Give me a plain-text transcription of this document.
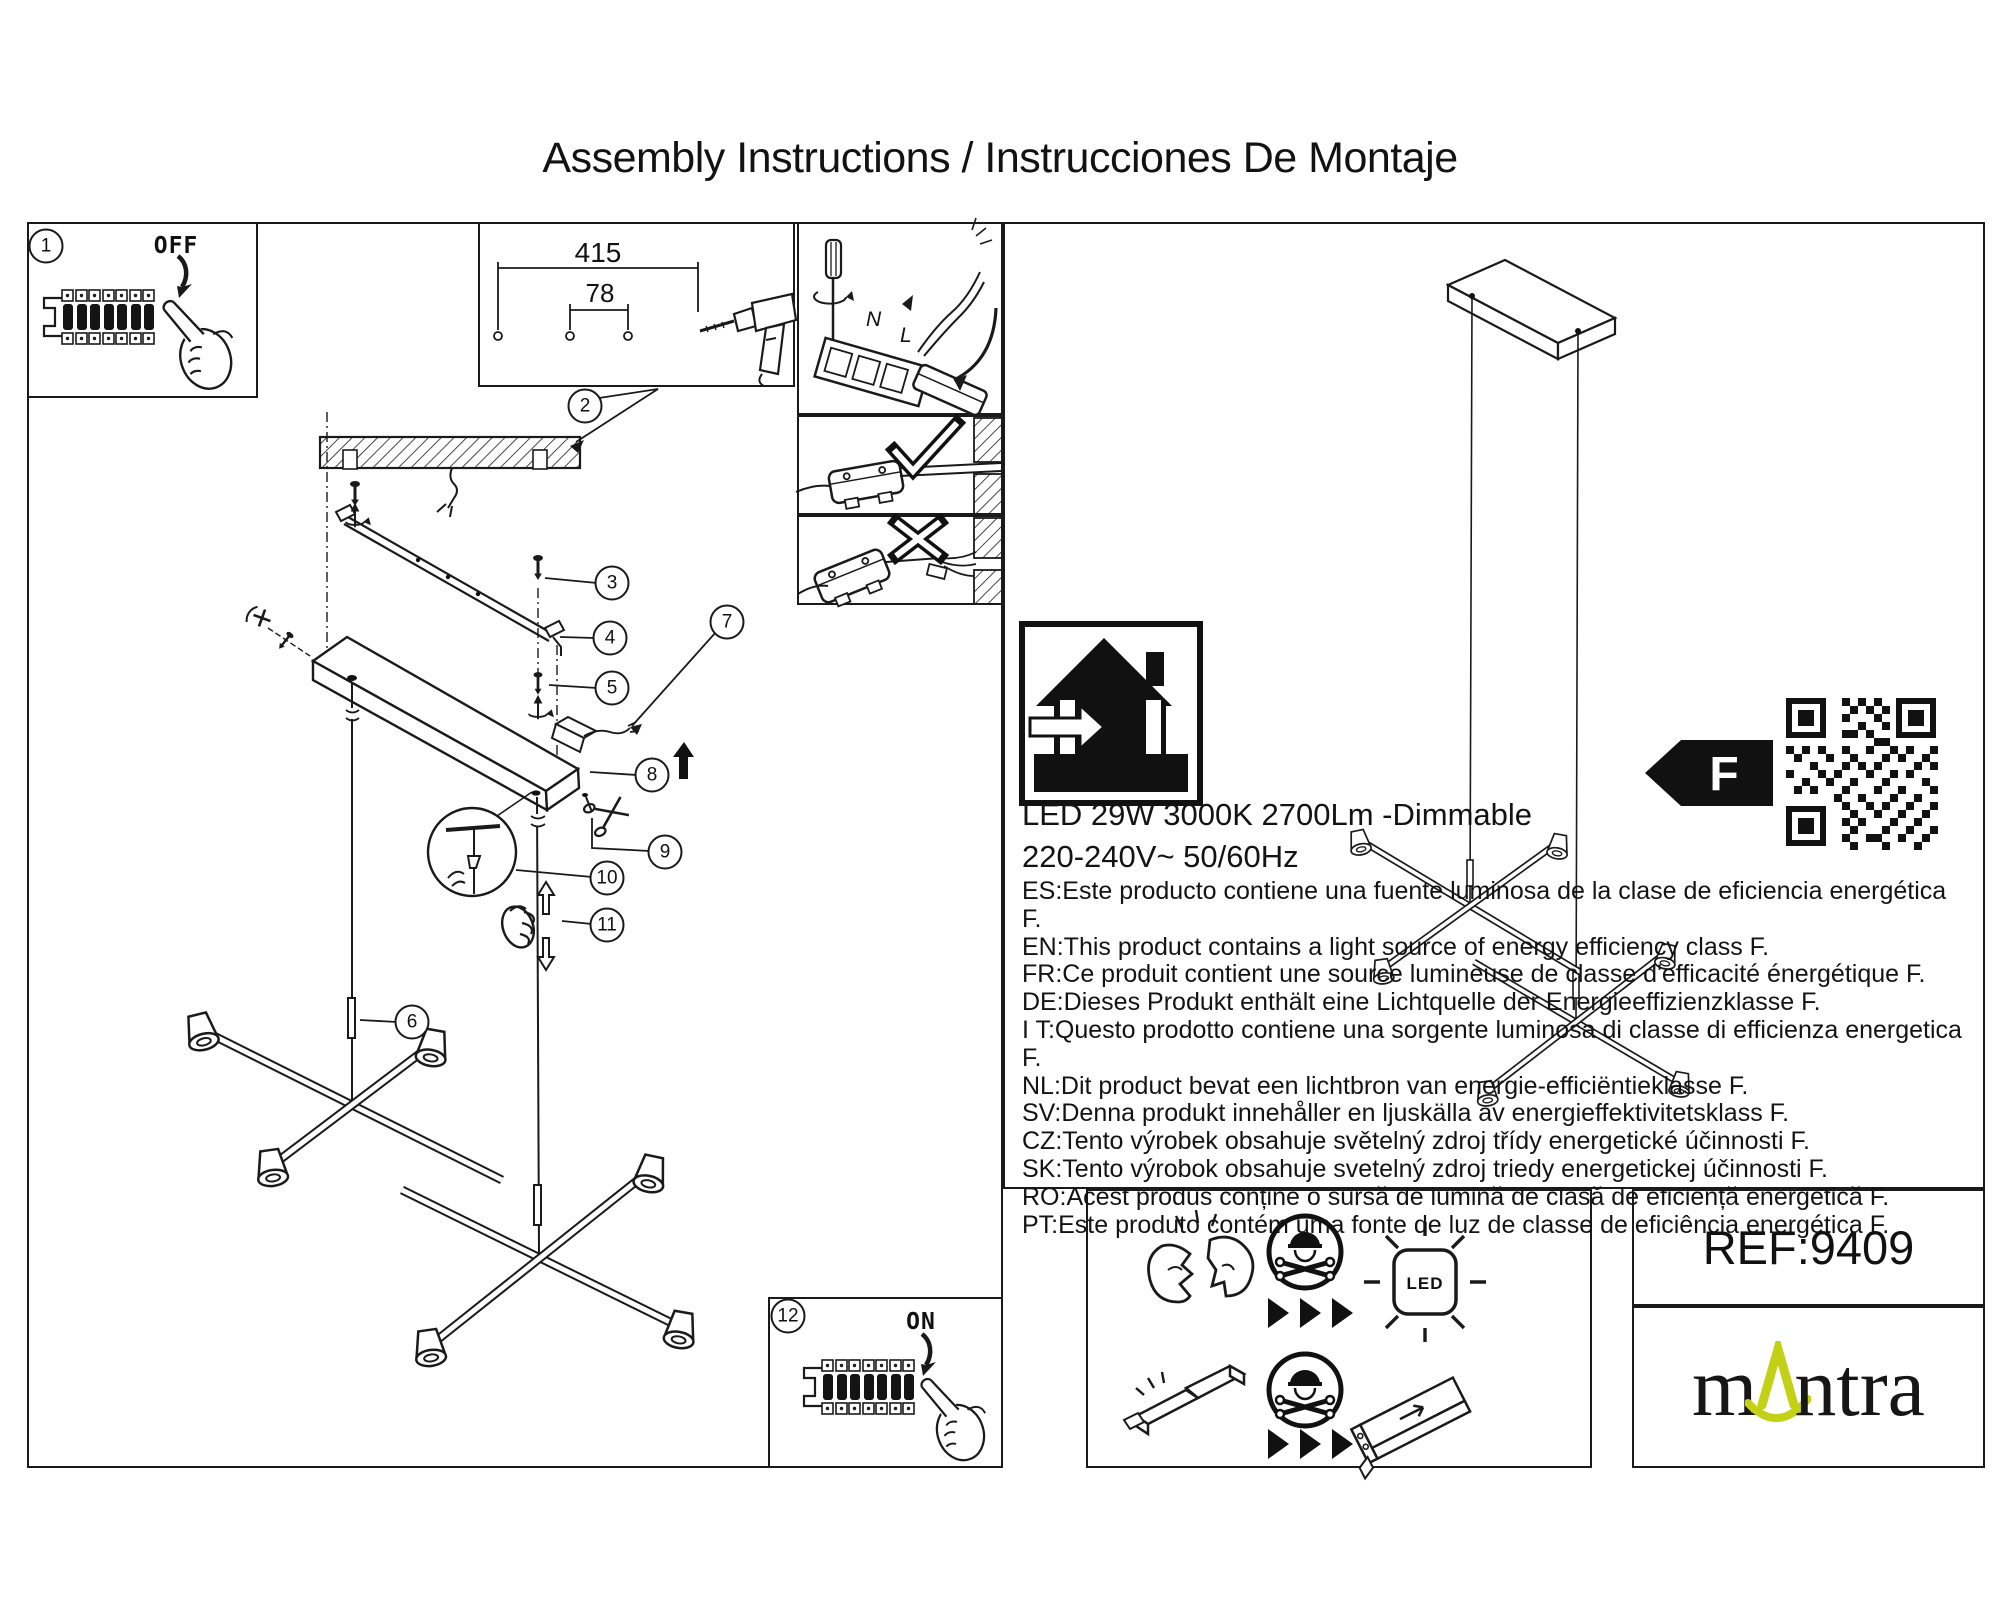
Assembly Instructions / Instrucciones De Montaje
415
78
N
L
F
LED
1
2
3
4
5
6
7
8
9
10
11
12
OFF
ON
LED 29W 3000K 2700Lm -Dimmable
220-240V~ 50/60Hz
ES:Este producto contiene una fuente luminosa de la clase de eficiencia energética F.
EN:This product contains a light source of energy efficiency class F.
FR:Ce produit contient une source lumineuse de classe d'efficacité énergétique F.
DE:Dieses Produkt enthält eine Lichtquelle der Energieeffizienzklasse F.
I T:Questo prodotto contiene una sorgente luminosa di classe di efficienza energetica F.
NL:Dit product bevat een lichtbron van energie-efficiëntieklasse F.
SV:Denna produkt innehåller en ljuskälla av energieffektivitetsklass F.
CZ:Tento výrobek obsahuje světelný zdroj třídy energetické účinnosti F.
SK:Tento výrobok obsahuje svetelný zdroj triedy energetickej účinnosti F.
RO:Acest produs conține o sursă de lumină de clasă de eficiență energetică F.
PT:Este produto contém uma fonte de luz de classe de eficiência energética F.
REF:9409
m ntra
